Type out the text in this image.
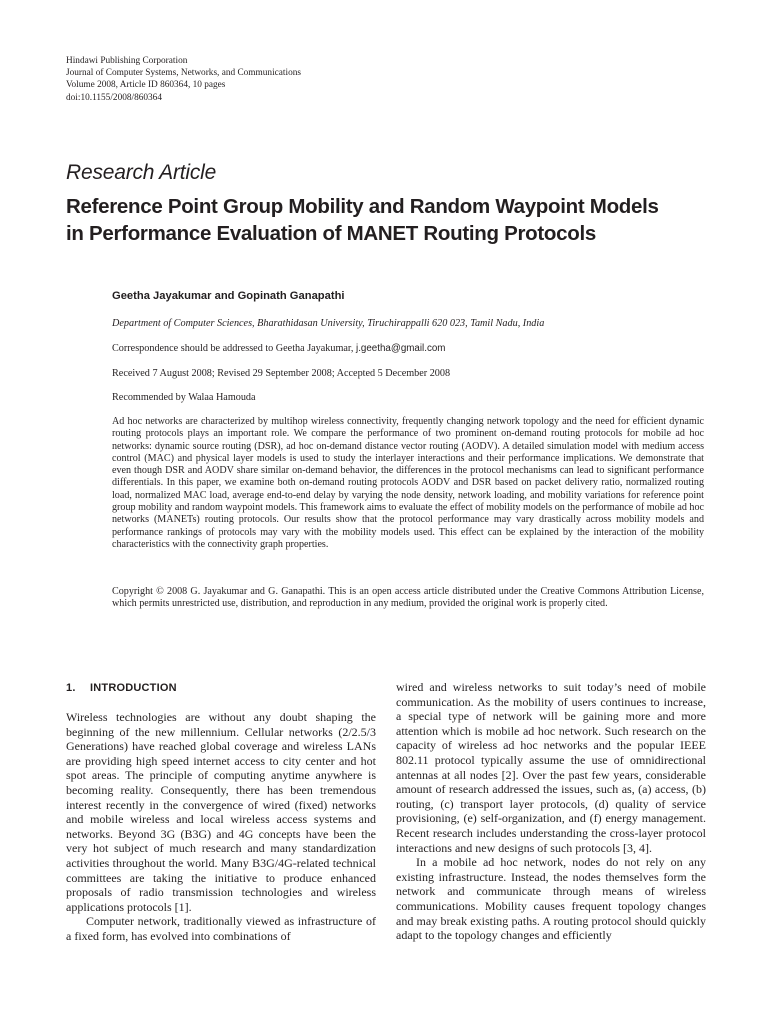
Hindawi Publishing Corporation
Journal of Computer Systems, Networks, and Communications
Volume 2008, Article ID 860364, 10 pages
doi:10.1155/2008/860364
Research Article
Reference Point Group Mobility and Random Waypoint Models
in Performance Evaluation of MANET Routing Protocols
Geetha Jayakumar and Gopinath Ganapathi
Department of Computer Sciences, Bharathidasan University, Tiruchirappalli 620 023, Tamil Nadu, India
Correspondence should be addressed to Geetha Jayakumar, j.geetha@gmail.com
Received 7 August 2008; Revised 29 September 2008; Accepted 5 December 2008
Recommended by Walaa Hamouda
Ad hoc networks are characterized by multihop wireless connectivity, frequently changing network topology and the need for efficient dynamic routing protocols plays an important role. We compare the performance of two prominent on-demand routing protocols for mobile ad hoc networks: dynamic source routing (DSR), ad hoc on-demand distance vector routing (AODV). A detailed simulation model with medium access control (MAC) and physical layer models is used to study the interlayer interactions and their performance implications. We demonstrate that even though DSR and AODV share similar on-demand behavior, the differences in the protocol mechanisms can lead to significant performance differentials. In this paper, we examine both on-demand routing protocols AODV and DSR based on packet delivery ratio, normalized routing load, normalized MAC load, average end-to-end delay by varying the node density, network loading, and mobility variations for reference point group mobility and random waypoint models. This framework aims to evaluate the effect of mobility models on the performance of mobile ad hoc networks (MANETs) routing protocols. Our results show that the protocol performance may vary drastically across mobility models and performance rankings of protocols may vary with the mobility models used. This effect can be explained by the interaction of the mobility characteristics with the connectivity graph properties.
Copyright © 2008 G. Jayakumar and G. Ganapathi. This is an open access article distributed under the Creative Commons Attribution License, which permits unrestricted use, distribution, and reproduction in any medium, provided the original work is properly cited.
1. INTRODUCTION

Wireless technologies are without any doubt shaping the beginning of the new millennium. Cellular networks (2/2.5/3 Generations) have reached global coverage and wireless LANs are providing high speed internet access to city center and hot spot areas. The principle of computing anytime anywhere is becoming reality. Consequently, there has been tremendous interest recently in the convergence of wired (fixed) networks and mobile wireless and local wireless access systems and networks. Beyond 3G (B3G) and 4G concepts have been the very hot subject of much research and many standardization activities throughout the world. Many B3G/4G-related technical committees are taking the initiative to produce enhanced proposals of radio transmission technologies and wireless applications protocols [1].

Computer network, traditionally viewed as infrastructure of a fixed form, has evolved into combinations of

wired and wireless networks to suit today’s need of mobile communication. As the mobility of users continues to increase, a special type of network will be gaining more and more attention which is mobile ad hoc network. Such research on the capacity of wireless ad hoc networks and the popular IEEE 802.11 protocol typically assume the use of omnidirectional antennas at all nodes [2]. Over the past few years, considerable amount of research addressed the issues, such as, (a) access, (b) routing, (c) transport layer protocols, (d) quality of service provisioning, (e) self-organization, and (f) energy management. Recent research includes understanding the cross-layer protocol interactions and new designs of such protocols [3, 4].

In a mobile ad hoc network, nodes do not rely on any existing infrastructure. Instead, the nodes themselves form the network and communicate through means of wireless communications. Mobility causes frequent topology changes and may break existing paths. A routing protocol should quickly adapt to the topology changes and efficiently
